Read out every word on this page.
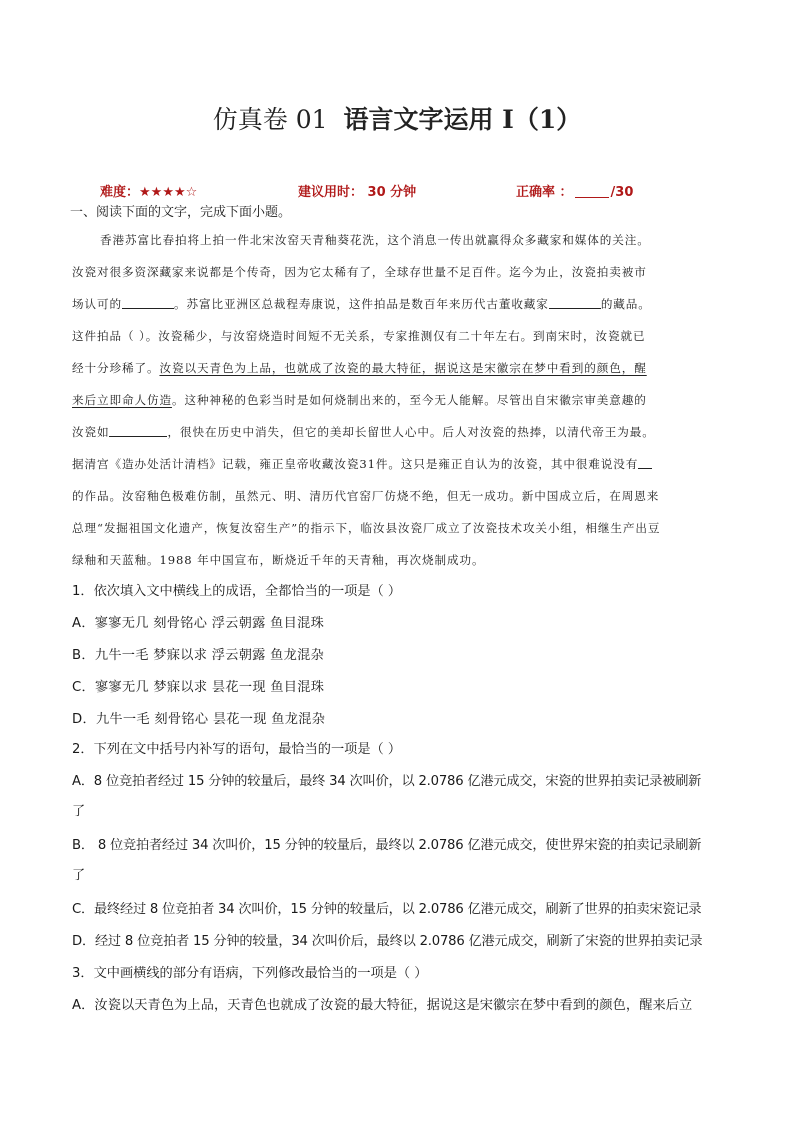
仿真卷 01 语言文字运用 I（1）
难度：★★★★☆	建议用时： 30 分钟	正确率 ：	/30
一、阅读下面的文字，完成下面小题。
香港苏富比春拍将上拍一件北宋汝窑天青釉葵花洗，这个消息一传出就赢得众多藏家和媒体的关注。
汝瓷对很多资深藏家来说都是个传奇，因为它太稀有了，全球存世量不足百件。迄今为止，汝瓷拍卖被市
场认可的	。苏富比亚洲区总裁程寿康说，这件拍品是数百年来历代古董收藏家	的藏品。
这件拍品（ ）。汝瓷稀少，与汝窑烧造时间短不无关系，专家推测仅有二十年左右。到南宋时，汝瓷就已
经十分珍稀了。汝瓷以天青色为上品，也就成了汝瓷的最大特征，据说这是宋徽宗在梦中看到的颜色，醒
来后立即命人仿造。这种神秘的色彩当时是如何烧制出来的，至今无人能解。尽管出自宋徽宗审美意趣的
汝瓷如	，很快在历史中消失，但它的美却长留世人心中。后人对汝瓷的热捧，以清代帝王为最。
据清宫《造办处活计清档》记载，雍正皇帝收藏汝瓷31件。这只是雍正自认为的汝瓷，其中很难说没有
的作品。汝窑釉色极难仿制，虽然元、明、清历代官窑厂仿烧不绝，但无一成功。新中国成立后，在周恩来
总理“发掘祖国文化遗产，恢复汝窑生产”的指示下，临汝县汝瓷厂成立了汝瓷技术攻关小组，相继生产出豆
绿釉和天蓝釉。1988 年中国宣布，断烧近千年的天青釉，再次烧制成功。
1．依次填入文中横线上的成语，全都恰当的一项是（ ）
A．寥寥无几 刻骨铭心 浮云朝露 鱼目混珠
B．九牛一毛 梦寐以求 浮云朝露 鱼龙混杂
C．寥寥无几 梦寐以求 昙花一现 鱼目混珠
D．九牛一毛 刻骨铭心 昙花一现 鱼龙混杂
2．下列在文中括号内补写的语句，最恰当的一项是（ ）
A．8 位竞拍者经过 15 分钟的较量后，最终 34 次叫价，以 2.0786 亿港元成交，宋瓷的世界拍卖记录被刷新
了
B． 8 位竞拍者经过 34 次叫价，15 分钟的较量后，最终以 2.0786 亿港元成交，使世界宋瓷的拍卖记录刷新
了
C．最终经过 8 位竞拍者 34 次叫价，15 分钟的较量后，以 2.0786 亿港元成交，刷新了世界的拍卖宋瓷记录
D．经过 8 位竞拍者 15 分钟的较量，34 次叫价后，最终以 2.0786 亿港元成交，刷新了宋瓷的世界拍卖记录
3．文中画横线的部分有语病，下列修改最恰当的一项是（ ）
A．汝瓷以天青色为上品，天青色也就成了汝瓷的最大特征，据说这是宋徽宗在梦中看到的颜色，醒来后立
